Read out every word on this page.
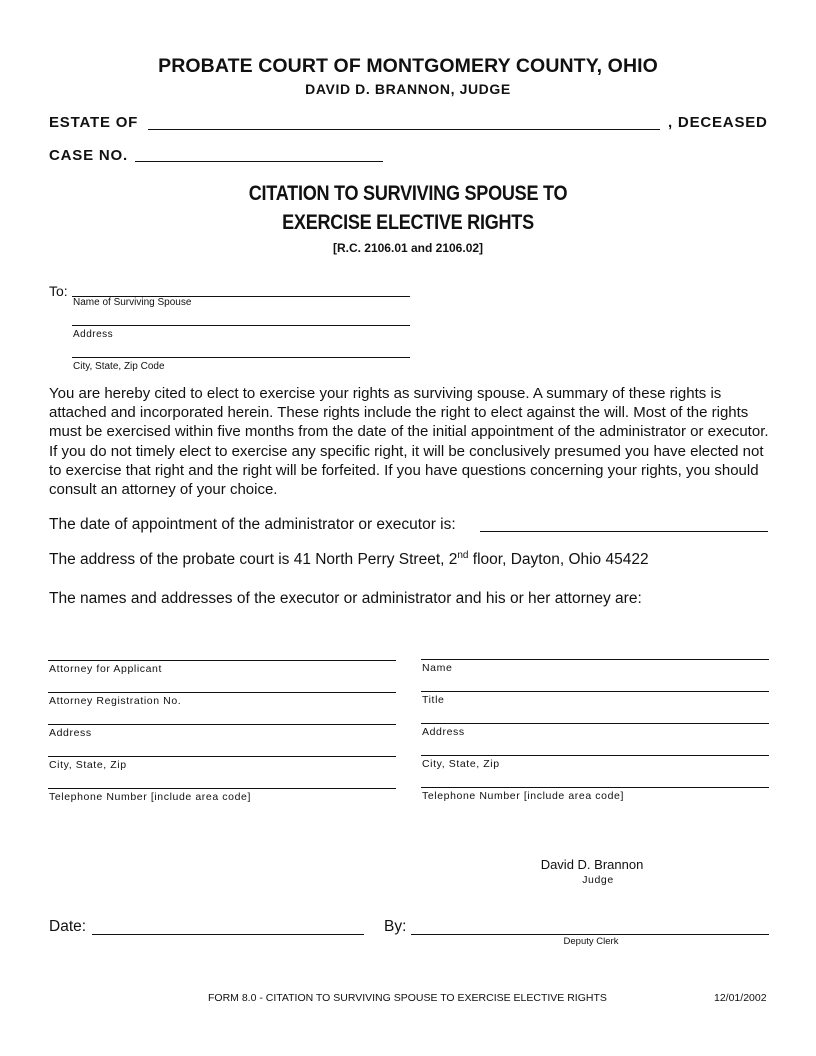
PROBATE COURT OF MONTGOMERY COUNTY, OHIO
DAVID D. BRANNON, JUDGE
ESTATE OF	, DECEASED
CASE NO.
CITATION TO SURVIVING SPOUSE TO
EXERCISE ELECTIVE RIGHTS
[R.C. 2106.01 and 2106.02]
To:
Name of Surviving Spouse
Address
City, State, Zip Code
You are hereby cited to elect to exercise your rights as surviving spouse. A summary of these rights is attached and incorporated herein. These rights include the right to elect against the will. Most of the rights must be exercised within five months from the date of the initial appointment of the administrator or executor. If you do not timely elect to exercise any specific right, it will be conclusively presumed you have elected not to exercise that right and the right will be forfeited. If you have questions concerning your rights, you should consult an attorney of your choice.
The date of appointment of the administrator or executor is:
The address of the probate court is 41 North Perry Street, 2nd floor, Dayton, Ohio 45422
The names and addresses of the executor or administrator and his or her attorney are:
Attorney for Applicant
Attorney Registration No.
Address
City, State, Zip
Telephone Number [include area code]
Name
Title
Address
City, State, Zip
Telephone Number [include area code]
David D. Brannon
Judge
Date:	By:
Deputy Clerk
FORM 8.0 - CITATION TO SURVIVING SPOUSE TO EXERCISE ELECTIVE RIGHTS	12/01/2002
